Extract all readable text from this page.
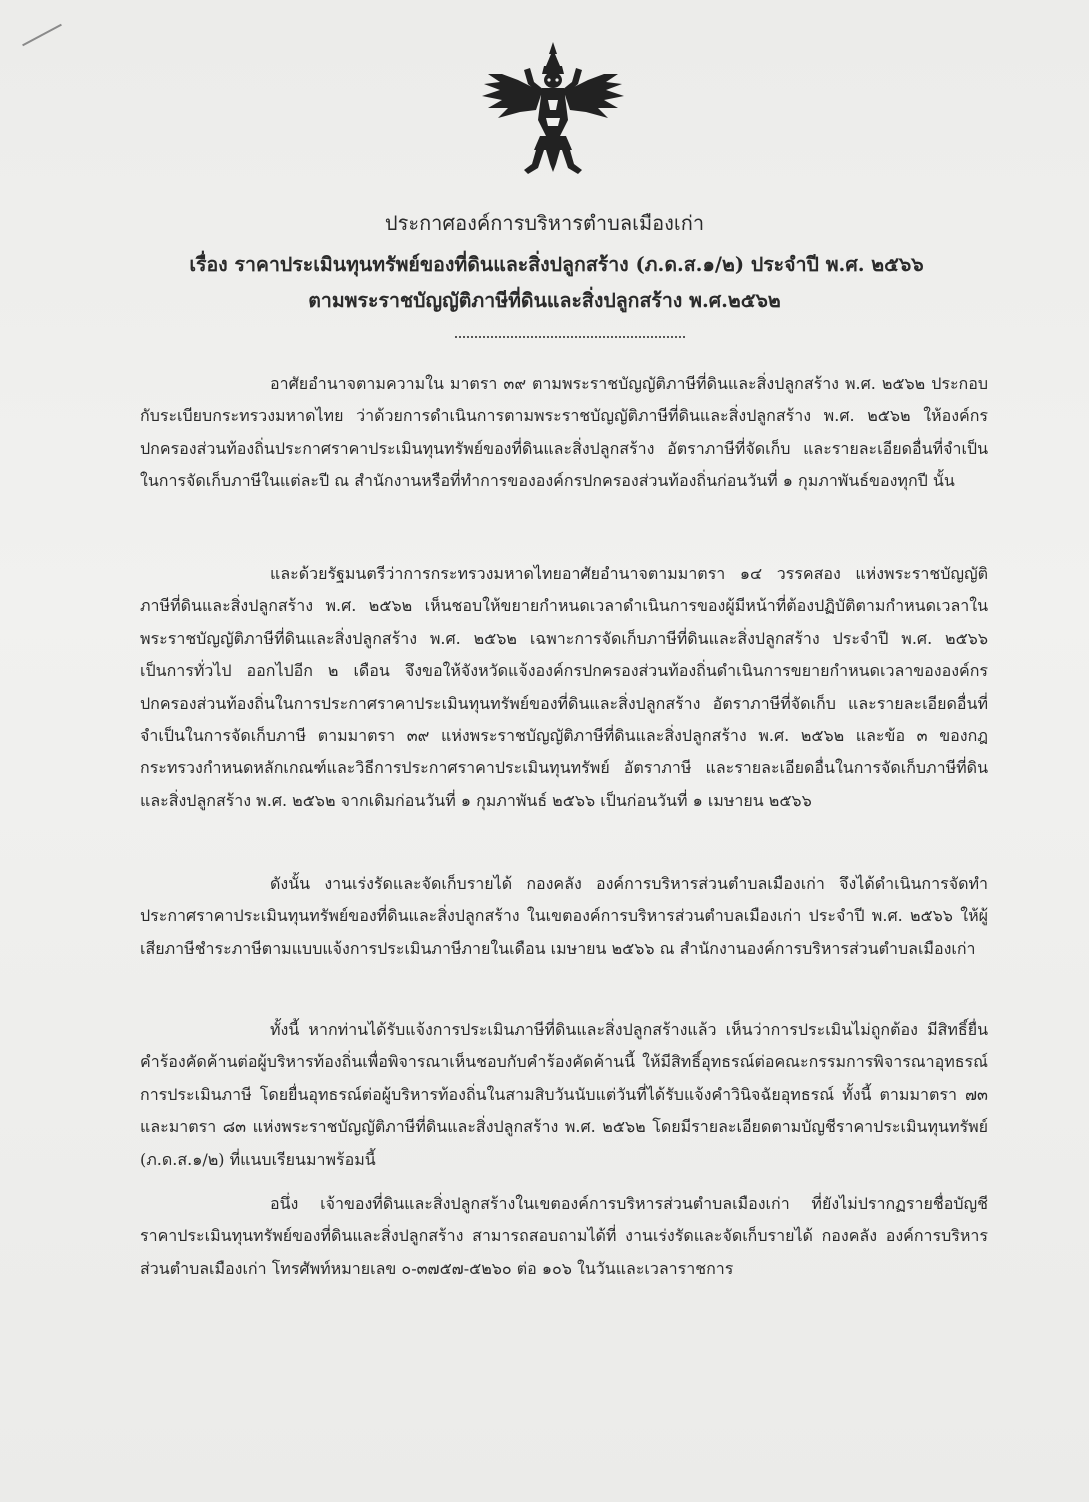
ประกาศองค์การบริหารตำบลเมืองเก่า

เรื่อง ราคาประเมินทุนทรัพย์ของที่ดินและสิ่งปลูกสร้าง (ภ.ด.ส.๑/๒) ประจำปี พ.ศ. ๒๕๖๖

ตามพระราชบัญญัติภาษีที่ดินและสิ่งปลูกสร้าง พ.ศ.๒๕๖๒

อาศัยอำนาจตามความใน มาตรา ๓๙ ตามพระราชบัญญัติภาษีที่ดินและสิ่งปลูกสร้าง พ.ศ. ๒๕๖๒ ประกอบกับระเบียบกระทรวงมหาดไทย ว่าด้วยการดำเนินการตามพระราชบัญญัติภาษีที่ดินและสิ่งปลูกสร้าง พ.ศ. ๒๕๖๒ ให้องค์กรปกครองส่วนท้องถิ่นประกาศราคาประเมินทุนทรัพย์ของที่ดินและสิ่งปลูกสร้าง อัตราภาษีที่จัดเก็บ และรายละเอียดอื่นที่จำเป็นในการจัดเก็บภาษีในแต่ละปี ณ สำนักงานหรือที่ทำการขององค์กรปกครองส่วนท้องถิ่นก่อนวันที่ ๑ กุมภาพันธ์ของทุกปี นั้น

และด้วยรัฐมนตรีว่าการกระทรวงมหาดไทยอาศัยอำนาจตามมาตรา ๑๔ วรรคสอง แห่งพระราชบัญญัติภาษีที่ดินและสิ่งปลูกสร้าง พ.ศ. ๒๕๖๒ เห็นชอบให้ขยายกำหนดเวลาดำเนินการของผู้มีหน้าที่ต้องปฏิบัติตามกำหนดเวลาในพระราชบัญญัติภาษีที่ดินและสิ่งปลูกสร้าง พ.ศ. ๒๕๖๒ เฉพาะการจัดเก็บภาษีที่ดินและสิ่งปลูกสร้าง ประจำปี พ.ศ. ๒๕๖๖ เป็นการทั่วไป ออกไปอีก ๒ เดือน จึงขอให้จังหวัดแจ้งองค์กรปกครองส่วนท้องถิ่นดำเนินการขยายกำหนดเวลาขององค์กรปกครองส่วนท้องถิ่นในการประกาศราคาประเมินทุนทรัพย์ของที่ดินและสิ่งปลูกสร้าง อัตราภาษีที่จัดเก็บ และรายละเอียดอื่นที่ จำเป็นในการจัดเก็บภาษี ตามมาตรา ๓๙ แห่งพระราชบัญญัติภาษีที่ดินและสิ่งปลูกสร้าง พ.ศ. ๒๕๖๒ และข้อ ๓ ของกฎกระทรวงกำหนดหลักเกณฑ์และวิธีการประกาศราคาประเมินทุนทรัพย์ อัตราภาษี และรายละเอียดอื่นในการจัดเก็บภาษีที่ดินและสิ่งปลูกสร้าง พ.ศ. ๒๕๖๒ จากเดิมก่อนวันที่ ๑ กุมภาพันธ์ ๒๕๖๖ เป็นก่อนวันที่ ๑ เมษายน ๒๕๖๖

ดังนั้น งานเร่งรัดและจัดเก็บรายได้ กองคลัง องค์การบริหารส่วนตำบลเมืองเก่า จึงได้ดำเนินการจัดทำ ประกาศราคาประเมินทุนทรัพย์ของที่ดินและสิ่งปลูกสร้าง ในเขตองค์การบริหารส่วนตำบลเมืองเก่า ประจำปี พ.ศ. ๒๕๖๖ ให้ผู้เสียภาษีชำระภาษีตามแบบแจ้งการประเมินภาษีภายในเดือน เมษายน ๒๕๖๖ ณ สำนักงานองค์การบริหารส่วนตำบลเมืองเก่า

ทั้งนี้ หากท่านได้รับแจ้งการประเมินภาษีที่ดินและสิ่งปลูกสร้างแล้ว เห็นว่าการประเมินไม่ถูกต้อง มีสิทธิ์ยื่นคำร้องคัดค้านต่อผู้บริหารท้องถิ่นเพื่อพิจารณาเห็นชอบกับคำร้องคัดค้านนี้ ให้มีสิทธิ์อุทธรณ์ต่อคณะกรรมการพิจารณาอุทธรณ์การประเมินภาษี โดยยื่นอุทธรณ์ต่อผู้บริหารท้องถิ่นในสามสิบวันนับแต่วันที่ได้รับแจ้งคำวินิจฉัยอุทธรณ์ ทั้งนี้ ตามมาตรา ๗๓ และมาตรา ๘๓ แห่งพระราชบัญญัติภาษีที่ดินและสิ่งปลูกสร้าง พ.ศ. ๒๕๖๒ โดยมีรายละเอียดตามบัญชีราคาประเมินทุนทรัพย์ (ภ.ด.ส.๑/๒) ที่แนบเรียนมาพร้อมนี้

อนึ่ง เจ้าของที่ดินและสิ่งปลูกสร้างในเขตองค์การบริหารส่วนตำบลเมืองเก่า ที่ยังไม่ปรากฏรายชื่อบัญชีราคาประเมินทุนทรัพย์ของที่ดินและสิ่งปลูกสร้าง สามารถสอบถามได้ที่ งานเร่งรัดและจัดเก็บรายได้ กองคลัง องค์การบริหารส่วนตำบลเมืองเก่า โทรศัพท์หมายเลข ๐-๓๗๕๗-๕๒๖๐ ต่อ ๑๐๖ ในวันและเวลาราชการ
